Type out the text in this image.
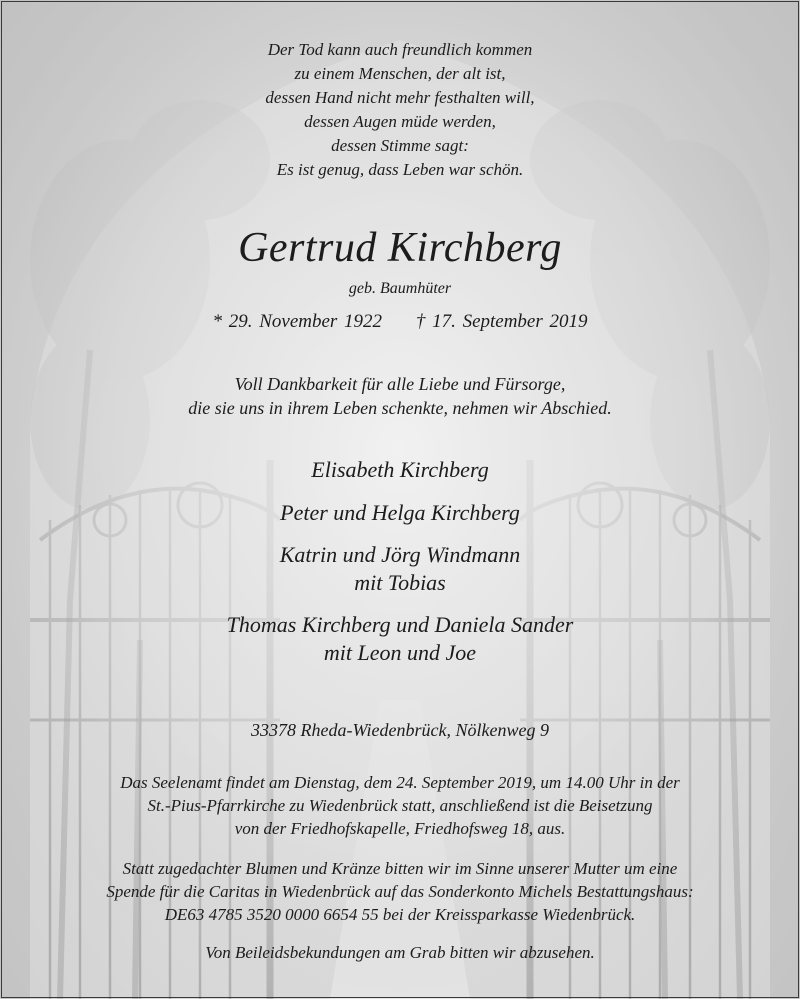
Der Tod kann auch freundlich kommen
zu einem Menschen, der alt ist,
dessen Hand nicht mehr festhalten will,
dessen Augen müde werden,
dessen Stimme sagt:
Es ist genug, dass Leben war schön.
Gertrud Kirchberg
geb. Baumhüter
* 29. November 1922 † 17. September 2019
Voll Dankbarkeit für alle Liebe und Fürsorge,
die sie uns in ihrem Leben schenkte, nehmen wir Abschied.
Elisabeth Kirchberg
Peter und Helga Kirchberg
Katrin und Jörg Windmann
mit Tobias
Thomas Kirchberg und Daniela Sander
mit Leon und Joe
33378 Rheda-Wiedenbrück, Nölkenweg 9
Das Seelenamt findet am Dienstag, dem 24. September 2019, um 14.00 Uhr in der
St.-Pius-Pfarrkirche zu Wiedenbrück statt, anschließend ist die Beisetzung
von der Friedhofskapelle, Friedhofsweg 18, aus.
Statt zugedachter Blumen und Kränze bitten wir im Sinne unserer Mutter um eine
Spende für die Caritas in Wiedenbrück auf das Sonderkonto Michels Bestattungshaus:
DE63 4785 3520 0000 6654 55 bei der Kreissparkasse Wiedenbrück.
Von Beileidsbekundungen am Grab bitten wir abzusehen.
